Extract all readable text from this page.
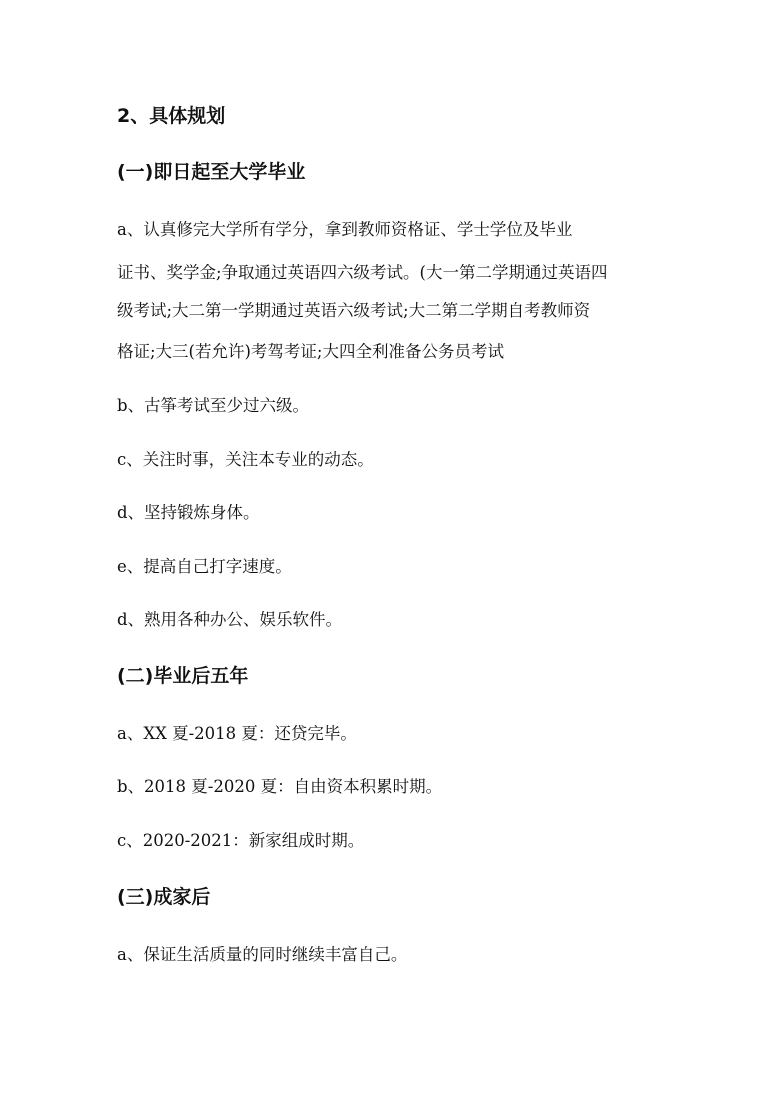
2、具体规划
(一)即日起至大学毕业
a、认真修完大学所有学分，拿到教师资格证、学士学位及毕业
证书、奖学金;争取通过英语四六级考试。(大一第二学期通过英语四
级考试;大二第一学期通过英语六级考试;大二第二学期自考教师资
格证;大三(若允许)考驾考证;大四全利准备公务员考试
b、古筝考试至少过六级。
c、关注时事，关注本专业的动态。
d、坚持锻炼身体。
e、提高自己打字速度。
d、熟用各种办公、娱乐软件。
(二)毕业后五年
a、XX 夏-2018 夏：还贷完毕。
b、2018 夏-2020 夏：自由资本积累时期。
c、2020-2021：新家组成时期。
(三)成家后
a、保证生活质量的同时继续丰富自己。
